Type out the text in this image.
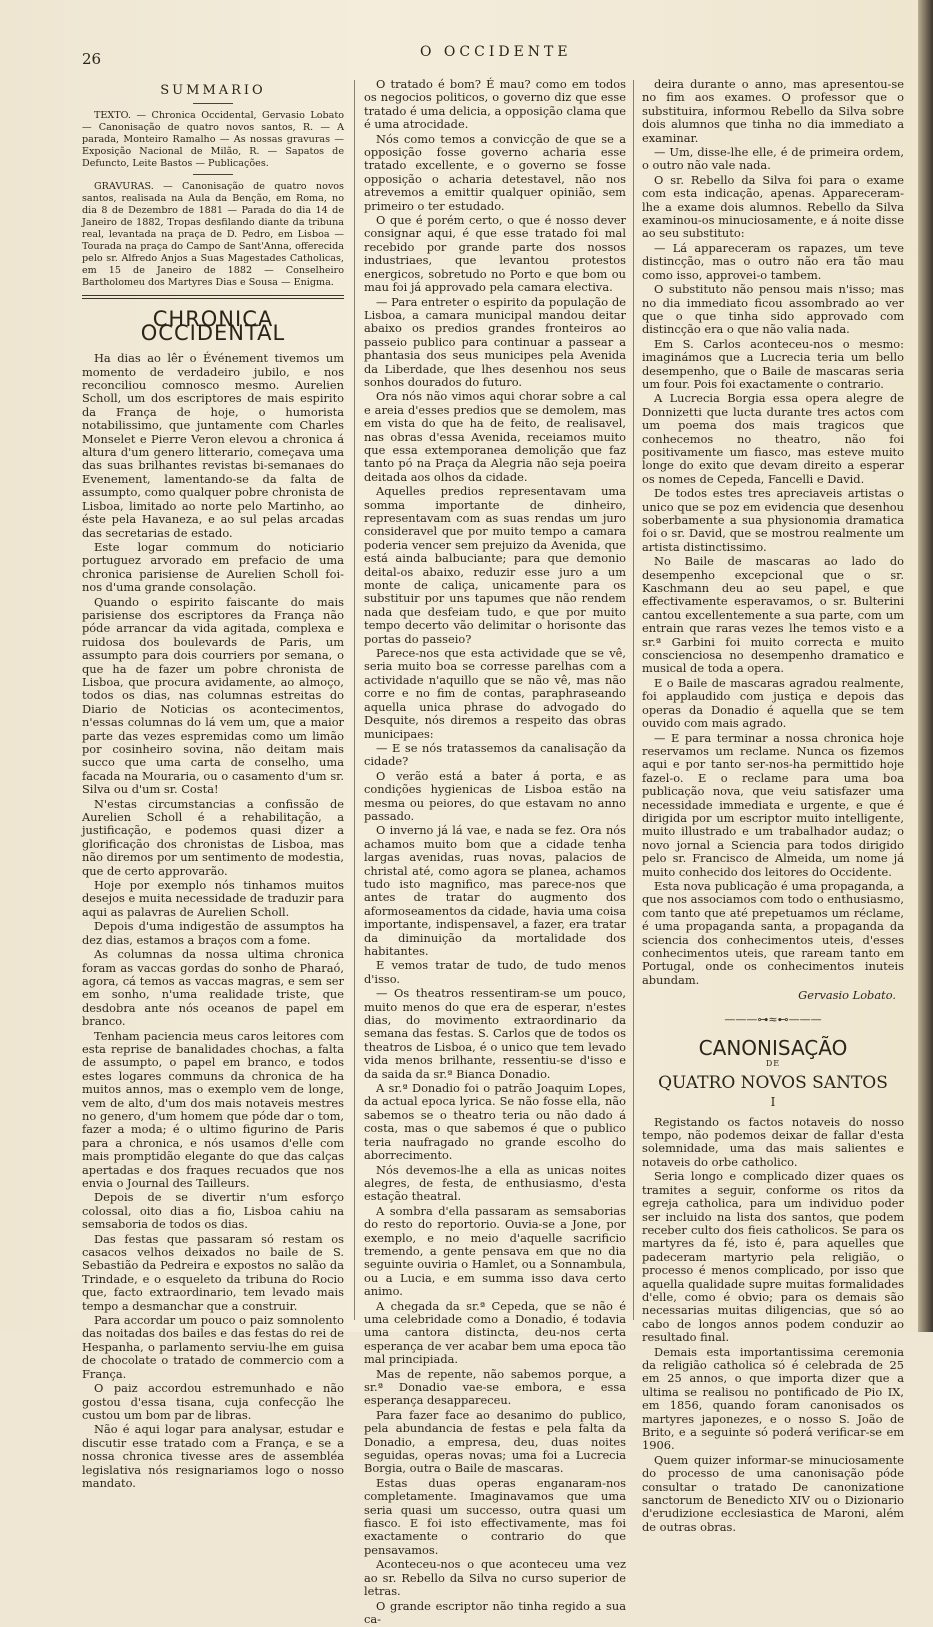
26	O OCCIDENTE
SUMMARIO

TEXTO. — Chronica Occidental, Gervasio Lobato — Canonisação de quatro novos santos, R. — A parada, Monteiro Ramalho — As nossas gravuras — Exposição Nacional de Milão, R. — Sapatos de Defuncto, Leite Bastos — Publicações.

GRAVURAS. — Canonisação de quatro novos santos, realisada na Aula da Benção, em Roma, no dia 8 de Dezembro de 1881 — Parada do dia 14 de Janeiro de 1882, Tropas desfilando diante da tribuna real, levantada na praça de D. Pedro, em Lisboa — Tourada na praça do Campo de Sant'Anna, offerecida pelo sr. Alfredo Anjos a Suas Magestades Catholicas, em 15 de Janeiro de 1882 — Conselheiro Bartholomeu dos Martyres Dias e Sousa — Enigma.

CHRONICA OCCIDENTAL

Ha dias ao lêr o Événement tivemos um momento de verdadeiro jubilo, e nos reconciliou comnosco mesmo. Aurelien Scholl, um dos escriptores de mais espirito da França de hoje, o humorista notabilissimo, que juntamente com Charles Monselet e Pierre Veron elevou a chronica á altura d'um genero litterario, começava uma das suas brilhantes revistas bi-semanaes do Evenement, lamentando-se da falta de assumpto, como qualquer pobre chronista de Lisboa, limitado ao norte pelo Martinho, ao éste pela Havaneza, e ao sul pelas arcadas das secretarias de estado.

Este logar commum do noticiario portuguez arvorado em prefacio de uma chronica parisiense de Aurelien Scholl foi-nos d'uma grande consolação.

Quando o espirito faiscante do mais parisiense dos escriptores da França não póde arrancar da vida agitada, complexa e ruidosa dos boulevards de Paris, um assumpto para dois courriers por semana, o que ha de fazer um pobre chronista de Lisboa, que procura avidamente, ao almoço, todos os dias, nas columnas estreitas do Diario de Noticias os acontecimentos, n'essas columnas do lá vem um, que a maior parte das vezes espremidas como um limão por cosinheiro sovina, não deitam mais succo que uma carta de conselho, uma facada na Mouraria, ou o casamento d'um sr. Silva ou d'um sr. Costa!

N'estas circumstancias a confissão de Aurelien Scholl é a rehabilitação, a justificação, e podemos quasi dizer a glorificação dos chronistas de Lisboa, mas não diremos por um sentimento de modestia, que de certo approvarão.

Hoje por exemplo nós tinhamos muitos desejos e muita necessidade de traduzir para aqui as palavras de Aurelien Scholl.

Depois d'uma indigestão de assumptos ha dez dias, estamos a braços com a fome.

As columnas da nossa ultima chronica foram as vaccas gordas do sonho de Pharaó, agora, cá temos as vaccas magras, e sem ser em sonho, n'uma realidade triste, que desdobra ante nós oceanos de papel em branco.

Tenham paciencia meus caros leitores com esta reprise de banalidades chochas, a falta de assumpto, o papel em branco, e todos estes logares communs da chronica de ha muitos annos, mas o exemplo vem de longe, vem de alto, d'um dos mais notaveis mestres no genero, d'um homem que póde dar o tom, fazer a moda; é o ultimo figurino de Paris para a chronica, e nós usamos d'elle com mais promptidão elegante do que das calças apertadas e dos fraques recuados que nos envia o Journal des Tailleurs.

Depois de se divertir n'um esforço colossal, oito dias a fio, Lisboa cahiu na semsaboria de todos os dias.

Das festas que passaram só restam os casacos velhos deixados no baile de S. Sebastião da Pedreira e expostos no salão da Trindade, e o esqueleto da tribuna do Rocio que, facto extraordinario, tem levado mais tempo a desmanchar que a construir.

Para accordar um pouco o paiz somnolento das noitadas dos bailes e das festas do rei de Hespanha, o parlamento serviu-lhe em guisa de chocolate o tratado de commercio com a França.

O paiz accordou estremunhado e não gostou d'essa tisana, cuja confecção lhe custou um bom par de libras.

Não é aqui logar para analysar, estudar e discutir esse tratado com a França, e se a nossa chronica tivesse ares de assembléa legislativa nós resignariamos logo o nosso mandato.

O tratado é bom? É mau? como em todos os negocios politicos, o governo diz que esse tratado é uma delicia, a opposição clama que é uma atrocidade.

Nós como temos a convicção de que se a opposição fosse governo acharia esse tratado excellente, e o governo se fosse opposição o acharia detestavel, não nos atrevemos a emittir qualquer opinião, sem primeiro o ter estudado.

O que é porém certo, o que é nosso dever consignar aqui, é que esse tratado foi mal recebido por grande parte dos nossos industriaes, que levantou protestos energicos, sobretudo no Porto e que bom ou mau foi já approvado pela camara electiva.

— Para entreter o espirito da população de Lisboa, a camara municipal mandou deitar abaixo os predios grandes fronteiros ao passeio publico para continuar a passear a phantasia dos seus municipes pela Avenida da Liberdade, que lhes desenhou nos seus sonhos dourados do futuro.

Ora nós não vimos aqui chorar sobre a cal e areia d'esses predios que se demolem, mas em vista do que ha de feito, de realisavel, nas obras d'essa Avenida, receiamos muito que essa extemporanea demolição que faz tanto pó na Praça da Alegria não seja poeira deitada aos olhos da cidade.

Aquelles predios representavam uma somma importante de dinheiro, representavam com as suas rendas um juro consideravel que por muito tempo a camara poderia vencer sem prejuizo da Avenida, que está ainda balbuciante; para que demonio deital-os abaixo, reduzir esse juro a um monte de caliça, unicamente para os substituir por uns tapumes que não rendem nada que desfeiam tudo, e que por muito tempo decerto vão delimitar o horisonte das portas do passeio?

Parece-nos que esta actividade que se vê, seria muito boa se corresse parelhas com a actividade n'aquillo que se não vê, mas não corre e no fim de contas, paraphraseando aquella unica phrase do advogado do Desquite, nós diremos a respeito das obras municipaes:

— E se nós tratassemos da canalisação da cidade?

O verão está a bater á porta, e as condições hygienicas de Lisboa estão na mesma ou peiores, do que estavam no anno passado.

O inverno já lá vae, e nada se fez. Ora nós achamos muito bom que a cidade tenha largas avenidas, ruas novas, palacios de christal até, como agora se planea, achamos tudo isto magnifico, mas parece-nos que antes de tratar do augmento dos aformoseamentos da cidade, havia uma coisa importante, indispensavel, a fazer, era tratar da diminuição da mortalidade dos habitantes.

E vemos tratar de tudo, de tudo menos d'isso.

— Os theatros ressentiram-se um pouco, muito menos do que era de esperar, n'estes dias, do movimento extraordinario da semana das festas. S. Carlos que de todos os theatros de Lisboa, é o unico que tem levado vida menos brilhante, ressentiu-se d'isso e da saida da sr.ª Bianca Donadio.

A sr.ª Donadio foi o patrão Joaquim Lopes, da actual epoca lyrica. Se não fosse ella, não sabemos se o theatro teria ou não dado á costa, mas o que sabemos é que o publico teria naufragado no grande escolho do aborrecimento.

Nós devemos-lhe a ella as unicas noites alegres, de festa, de enthusiasmo, d'esta estação theatral.

A sombra d'ella passaram as semsaborias do resto do reportorio. Ouvia-se a Jone, por exemplo, e no meio d'aquelle sacrificio tremendo, a gente pensava em que no dia seguinte ouviria o Hamlet, ou a Sonnambula, ou a Lucia, e em summa isso dava certo animo.

A chegada da sr.ª Cepeda, que se não é uma celebridade como a Donadio, é todavia uma cantora distincta, deu-nos certa esperança de ver acabar bem uma epoca tão mal principiada.

Mas de repente, não sabemos porque, a sr.ª Donadio vae-se embora, e essa esperança desappareceu.

Para fazer face ao desanimo do publico, pela abundancia de festas e pela falta da Donadio, a empresa, deu, duas noites seguidas, operas novas; uma foi a Lucrecia Borgia, outra o Baile de mascaras.

Estas duas operas enganaram-nos completamente. Imaginavamos que uma seria quasi um successo, outra quasi um fiasco. E foi isto effectivamente, mas foi exactamente o contrario do que pensavamos.

Aconteceu-nos o que aconteceu uma vez ao sr. Rebello da Silva no curso superior de letras.

O grande escriptor não tinha regido a sua ca-

deira durante o anno, mas apresentou-se no fim aos exames. O professor que o substituira, informou Rebello da Silva sobre dois alumnos que tinha no dia immediato a examinar.

— Um, disse-lhe elle, é de primeira ordem, o outro não vale nada.

O sr. Rebello da Silva foi para o exame com esta indicação, apenas. Appareceram-lhe a exame dois alumnos. Rebello da Silva examinou-os minuciosamente, e á noite disse ao seu substituto:

— Lá appareceram os rapazes, um teve distincção, mas o outro não era tão mau como isso, approvei-o tambem.

O substituto não pensou mais n'isso; mas no dia immediato ficou assombrado ao ver que o que tinha sido approvado com distincção era o que não valia nada.

Em S. Carlos aconteceu-nos o mesmo: imaginámos que a Lucrecia teria um bello desempenho, que o Baile de mascaras seria um four. Pois foi exactamente o contrario.

A Lucrecia Borgia essa opera alegre de Donnizetti que lucta durante tres actos com um poema dos mais tragicos que conhecemos no theatro, não foi positivamente um fiasco, mas esteve muito longe do exito que devam direito a esperar os nomes de Cepeda, Fancelli e David.

De todos estes tres apreciaveis artistas o unico que se poz em evidencia que desenhou soberbamente a sua physionomia dramatica foi o sr. David, que se mostrou realmente um artista distinctissimo.

No Baile de mascaras ao lado do desempenho excepcional que o sr. Kaschmann deu ao seu papel, e que effectivamente esperavamos, o sr. Bulterini cantou excellentemente a sua parte, com um entrain que raras vezes lhe temos visto e a sr.ª Garbini foi muito correcta e muito conscienciosa no desempenho dramatico e musical de toda a opera.

E o Baile de mascaras agradou realmente, foi applaudido com justiça e depois das operas da Donadio é aquella que se tem ouvido com mais agrado.

— E para terminar a nossa chronica hoje reservamos um reclame. Nunca os fizemos aqui e por tanto ser-nos-ha permittido hoje fazel-o. E o reclame para uma boa publicação nova, que veiu satisfazer uma necessidade immediata e urgente, e que é dirigida por um escriptor muito intelligente, muito illustrado e um trabalhador audaz; o novo jornal a Sciencia para todos dirigido pelo sr. Francisco de Almeida, um nome já muito conhecido dos leitores do Occidente.

Esta nova publicação é uma propaganda, a que nos associamos com todo o enthusiasmo, com tanto que até prepetuamos um réclame, é uma propaganda santa, a propaganda da sciencia dos conhecimentos uteis, d'esses conhecimentos uteis, que raream tanto em Portugal, onde os conhecimentos inuteis abundam.

Gervasio Lobato.
———⊶≈⊷———
CANONISAÇÃO
DE
QUATRO NOVOS SANTOS
I

Registando os factos notaveis do nosso tempo, não podemos deixar de fallar d'esta solemnidade, uma das mais salientes e notaveis do orbe catholico.

Seria longo e complicado dizer quaes os tramites a seguir, conforme os ritos da egreja catholica, para um individuo poder ser incluido na lista dos santos, que podem receber culto dos fieis catholicos. Se para os martyres da fé, isto é, para aquelles que padeceram martyrio pela religião, o processo é menos complicado, por isso que aquella qualidade supre muitas formalidades d'elle, como é obvio; para os demais são necessarias muitas diligencias, que só ao cabo de longos annos podem conduzir ao resultado final.

Demais esta importantissima ceremonia da religião catholica só é celebrada de 25 em 25 annos, o que importa dizer que a ultima se realisou no pontificado de Pio IX, em 1856, quando foram canonisados os martyres japonezes, e o nosso S. João de Brito, e a seguinte só poderá verificar-se em 1906.

Quem quizer informar-se minuciosamente do processo de uma canonisação póde consultar o tratado De canonizatione sanctorum de Benedicto XIV ou o Dizionario d'erudizione ecclesiastica de Maroni, além de outras obras.
